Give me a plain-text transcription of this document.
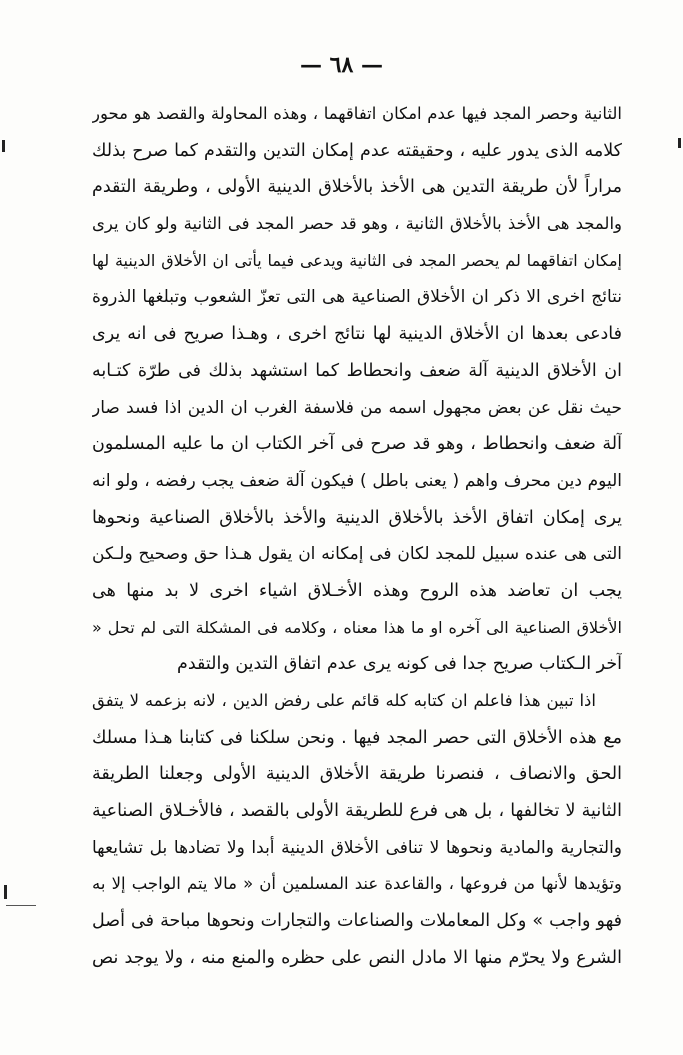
— ٦٨ —
الثانية وحصر المجد فيها عدم امكان اتفاقهما ، وهذه المحاولة والقصد هو محور
كلامه الذى يدور عليه ، وحقيقته عدم إمكان التدين والتقدم كما صرح بذلك
مراراً لأن طريقة التدين هى الأخذ بالأخلاق الدينية الأولى ، وطريقة التقدم
والمجد هى الأخذ بالأخلاق الثانية ، وهو قد حصر المجد فى الثانية ولو كان يرى
إمكان اتفاقهما لم يحصر المجد فى الثانية ويدعى فيما يأتى ان الأخلاق الدينية لها
نتائج اخرى الا ذكر ان الأخلاق الصناعية هى التى تعزّ الشعوب وتبلغها الذروة
فادعى بعدها ان الأخلاق الدينية لها نتائج اخرى ، وهـذا صريح فى انه يرى
ان الأخلاق الدينية آلة ضعف وانحطاط كما استشهد بذلك فى طرّة كتـابه
حيث نقل عن بعض مجهول اسمه من فلاسفة الغرب ان الدين اذا فسد صار
آلة ضعف وانحطاط ، وهو قد صرح فى آخر الكتاب ان ما عليه المسلمون
اليوم دين محرف واهم ( يعنى باطل ) فيكون آلة ضعف يجب رفضه ، ولو انه
يرى إمكان اتفاق الأخذ بالأخلاق الدينية والأخذ بالأخلاق الصناعية ونحوها
التى هى عنده سبيل للمجد لكان فى إمكانه ان يقول هـذا حق وصحيح ولـكن
يجب ان تعاضد هذه الروح وهذه الأخـلاق اشياء اخرى لا بد منها هى
الأخلاق الصناعية الى آخره او ما هذا معناه ، وكلامه فى المشكلة التى لم تحل «
آخر الـكتاب صريح جدا فى كونه يرى عدم اتفاق التدين والتقدم
اذا تبين هذا فاعلم ان كتابه كله قائم على رفض الدين ، لانه بزعمه لا يتفق
مع هذه الأخلاق التى حصر المجد فيها . ونحن سلكنا فى كتابنا هـذا مسلك
الحق والانصاف ، فنصرنا طريقة الأخلاق الدينية الأولى وجعلنا الطريقة
الثانية لا تخالفها ، بل هى فرع للطريقة الأولى بالقصد ، فالأخـلاق الصناعية
والتجارية والمادية ونحوها لا تنافى الأخلاق الدينية أبدا ولا تضادها بل تشايعها
وتؤيدها لأنها من فروعها ، والقاعدة عند المسلمين أن « مالا يتم الواجب إلا به
فهو واجب » وكل المعاملات والصناعات والتجارات ونحوها مباحة فى أصل
الشرع ولا يحرّم منها الا مادل النص على حظره والمنع منه ، ولا يوجد نص
